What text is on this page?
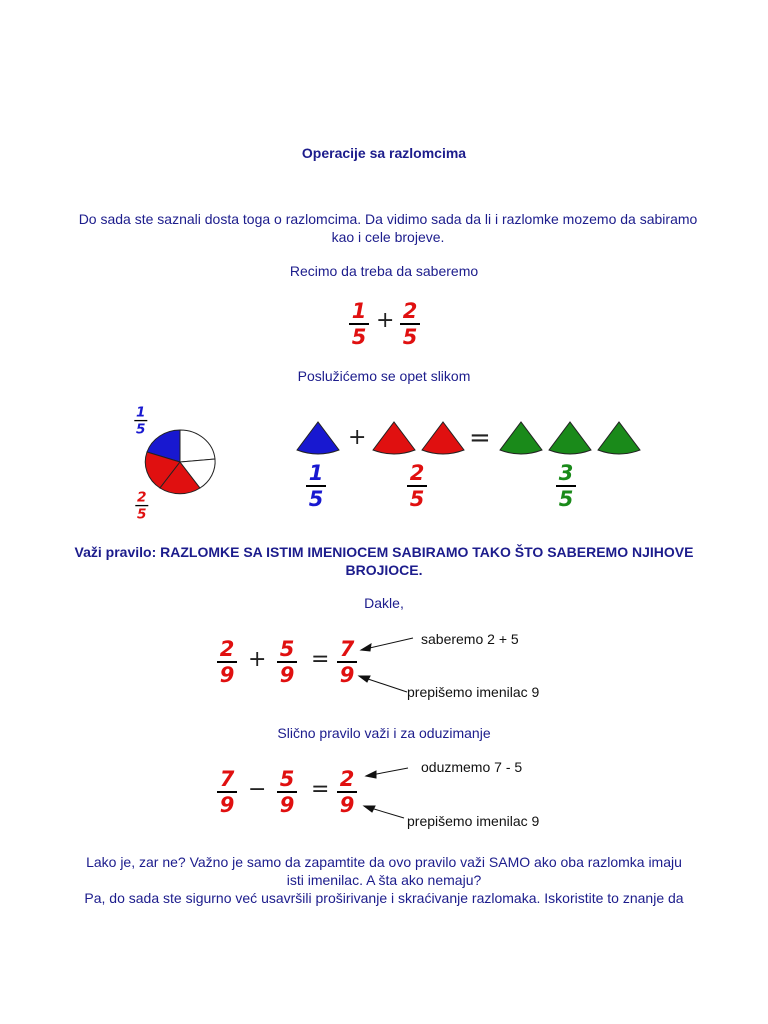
Operacije sa razlomcima
Do sada ste saznali dosta toga o razlomcima. Da vidimo sada da li i razlomke mozemo da sabiramo kao i cele brojeve.
Recimo da treba da saberemo
1
5
+ 2
5
Poslužićemo se opet slikom
1
5
2
5
+	=
1
5
2
5
3
5
Važi pravilo: RAZLOMKE SA ISTIM IMENIOCEM SABIRAMO TAKO ŠTO SABEREMO NJIHOVE BROJIOCE.
Dakle,
2
9
+ 5
9
= 7
9
saberemo 2 + 5
prepišemo imenilac 9
Slično pravilo važi i za oduzimanje
7
9
− 5
9
= 2
9
oduzmemo 7 - 5
prepišemo imenilac 9
Lako je, zar ne? Važno je samo da zapamtite da ovo pravilo važi SAMO ako oba razlomka imaju
isti imenilac. A šta ako nemaju?
Pa, do sada ste sigurno već usavršili proširivanje i skraćivanje razlomaka. Iskoristite to znanje da
